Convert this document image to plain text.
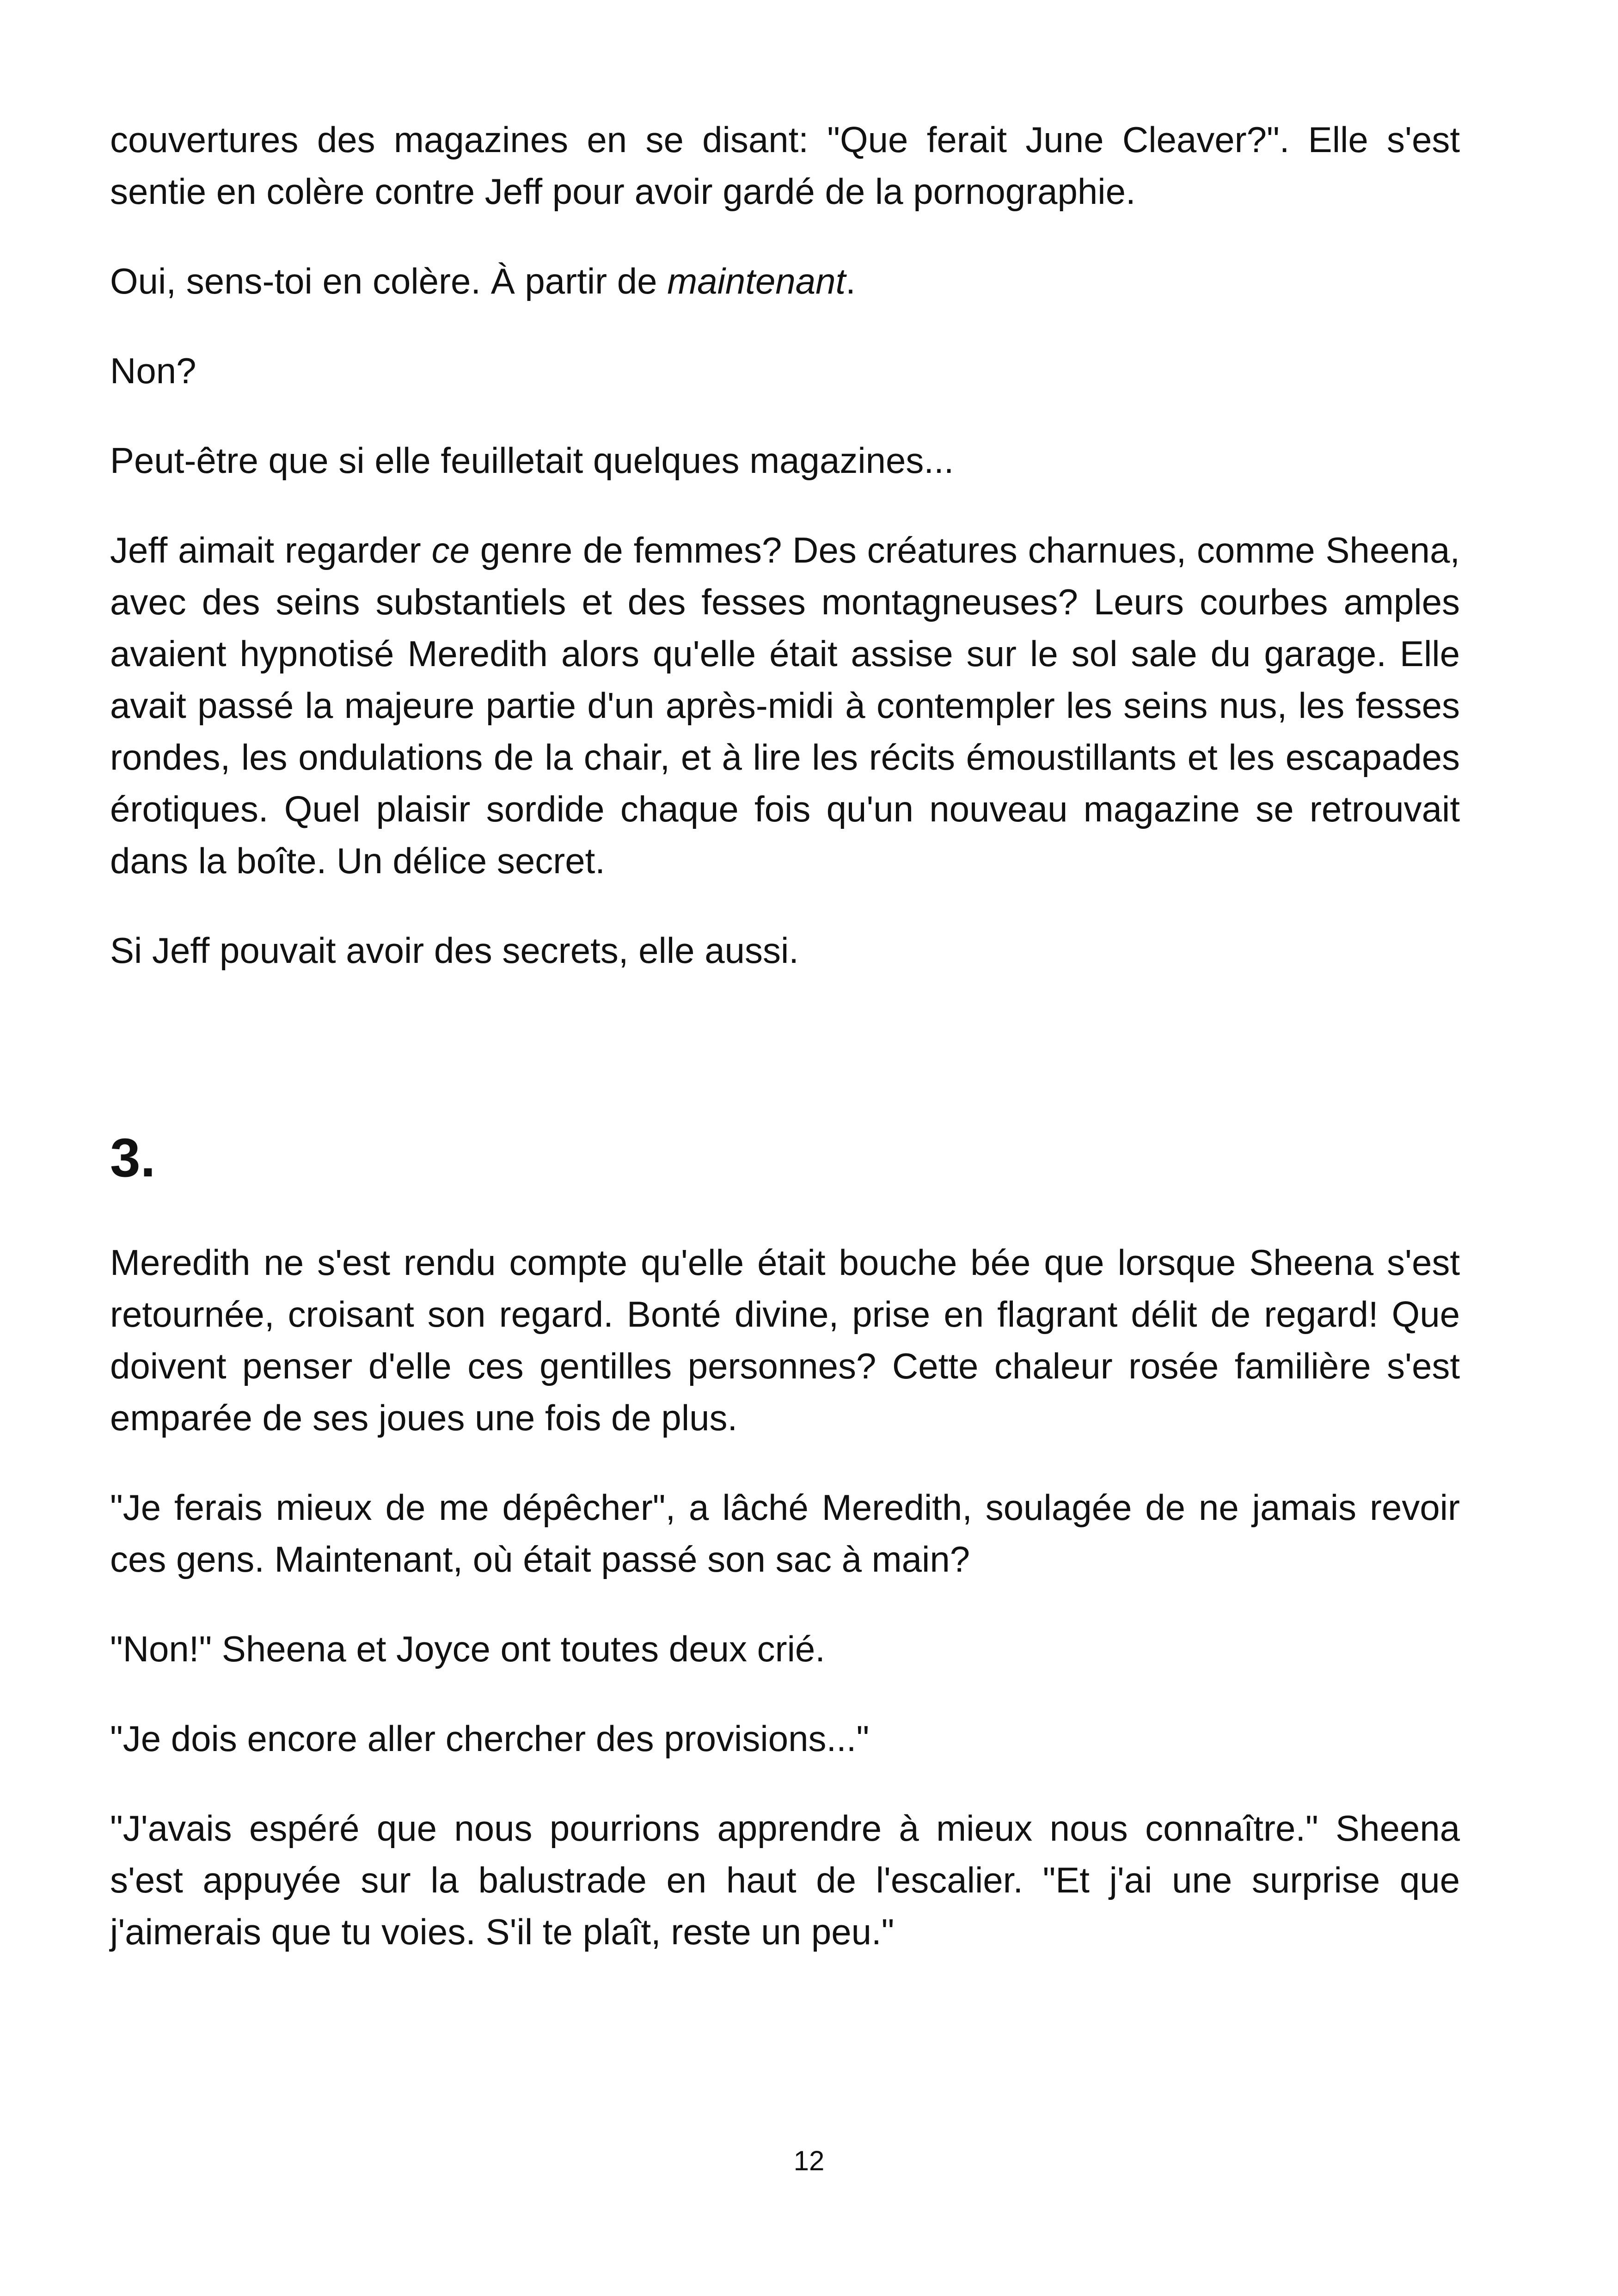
couvertures des magazines en se disant: "Que ferait June Cleaver?". Elle s'est sentie en colère contre Jeff pour avoir gardé de la pornographie.

Oui, sens-toi en colère. À partir de maintenant.

Non?

Peut-être que si elle feuilletait quelques magazines...

Jeff aimait regarder ce genre de femmes? Des créatures charnues, comme Sheena, avec des seins substantiels et des fesses montagneuses? Leurs courbes amples avaient hypnotisé Meredith alors qu'elle était assise sur le sol sale du garage. Elle avait passé la majeure partie d'un après-midi à contempler les seins nus, les fesses rondes, les ondulations de la chair, et à lire les récits émoustillants et les escapades érotiques. Quel plaisir sordide chaque fois qu'un nouveau magazine se retrouvait dans la boîte. Un délice secret.

Si Jeff pouvait avoir des secrets, elle aussi.

3.

Meredith ne s'est rendu compte qu'elle était bouche bée que lorsque Sheena s'est retournée, croisant son regard. Bonté divine, prise en flagrant délit de regard! Que doivent penser d'elle ces gentilles personnes? Cette chaleur rosée familière s'est emparée de ses joues une fois de plus.

"Je ferais mieux de me dépêcher", a lâché Meredith, soulagée de ne jamais revoir ces gens. Maintenant, où était passé son sac à main?

"Non!" Sheena et Joyce ont toutes deux crié.

"Je dois encore aller chercher des provisions..."

"J'avais espéré que nous pourrions apprendre à mieux nous connaître." Sheena s'est appuyée sur la balustrade en haut de l'escalier. "Et j'ai une surprise que j'aimerais que tu voies. S'il te plaît, reste un peu."

12
